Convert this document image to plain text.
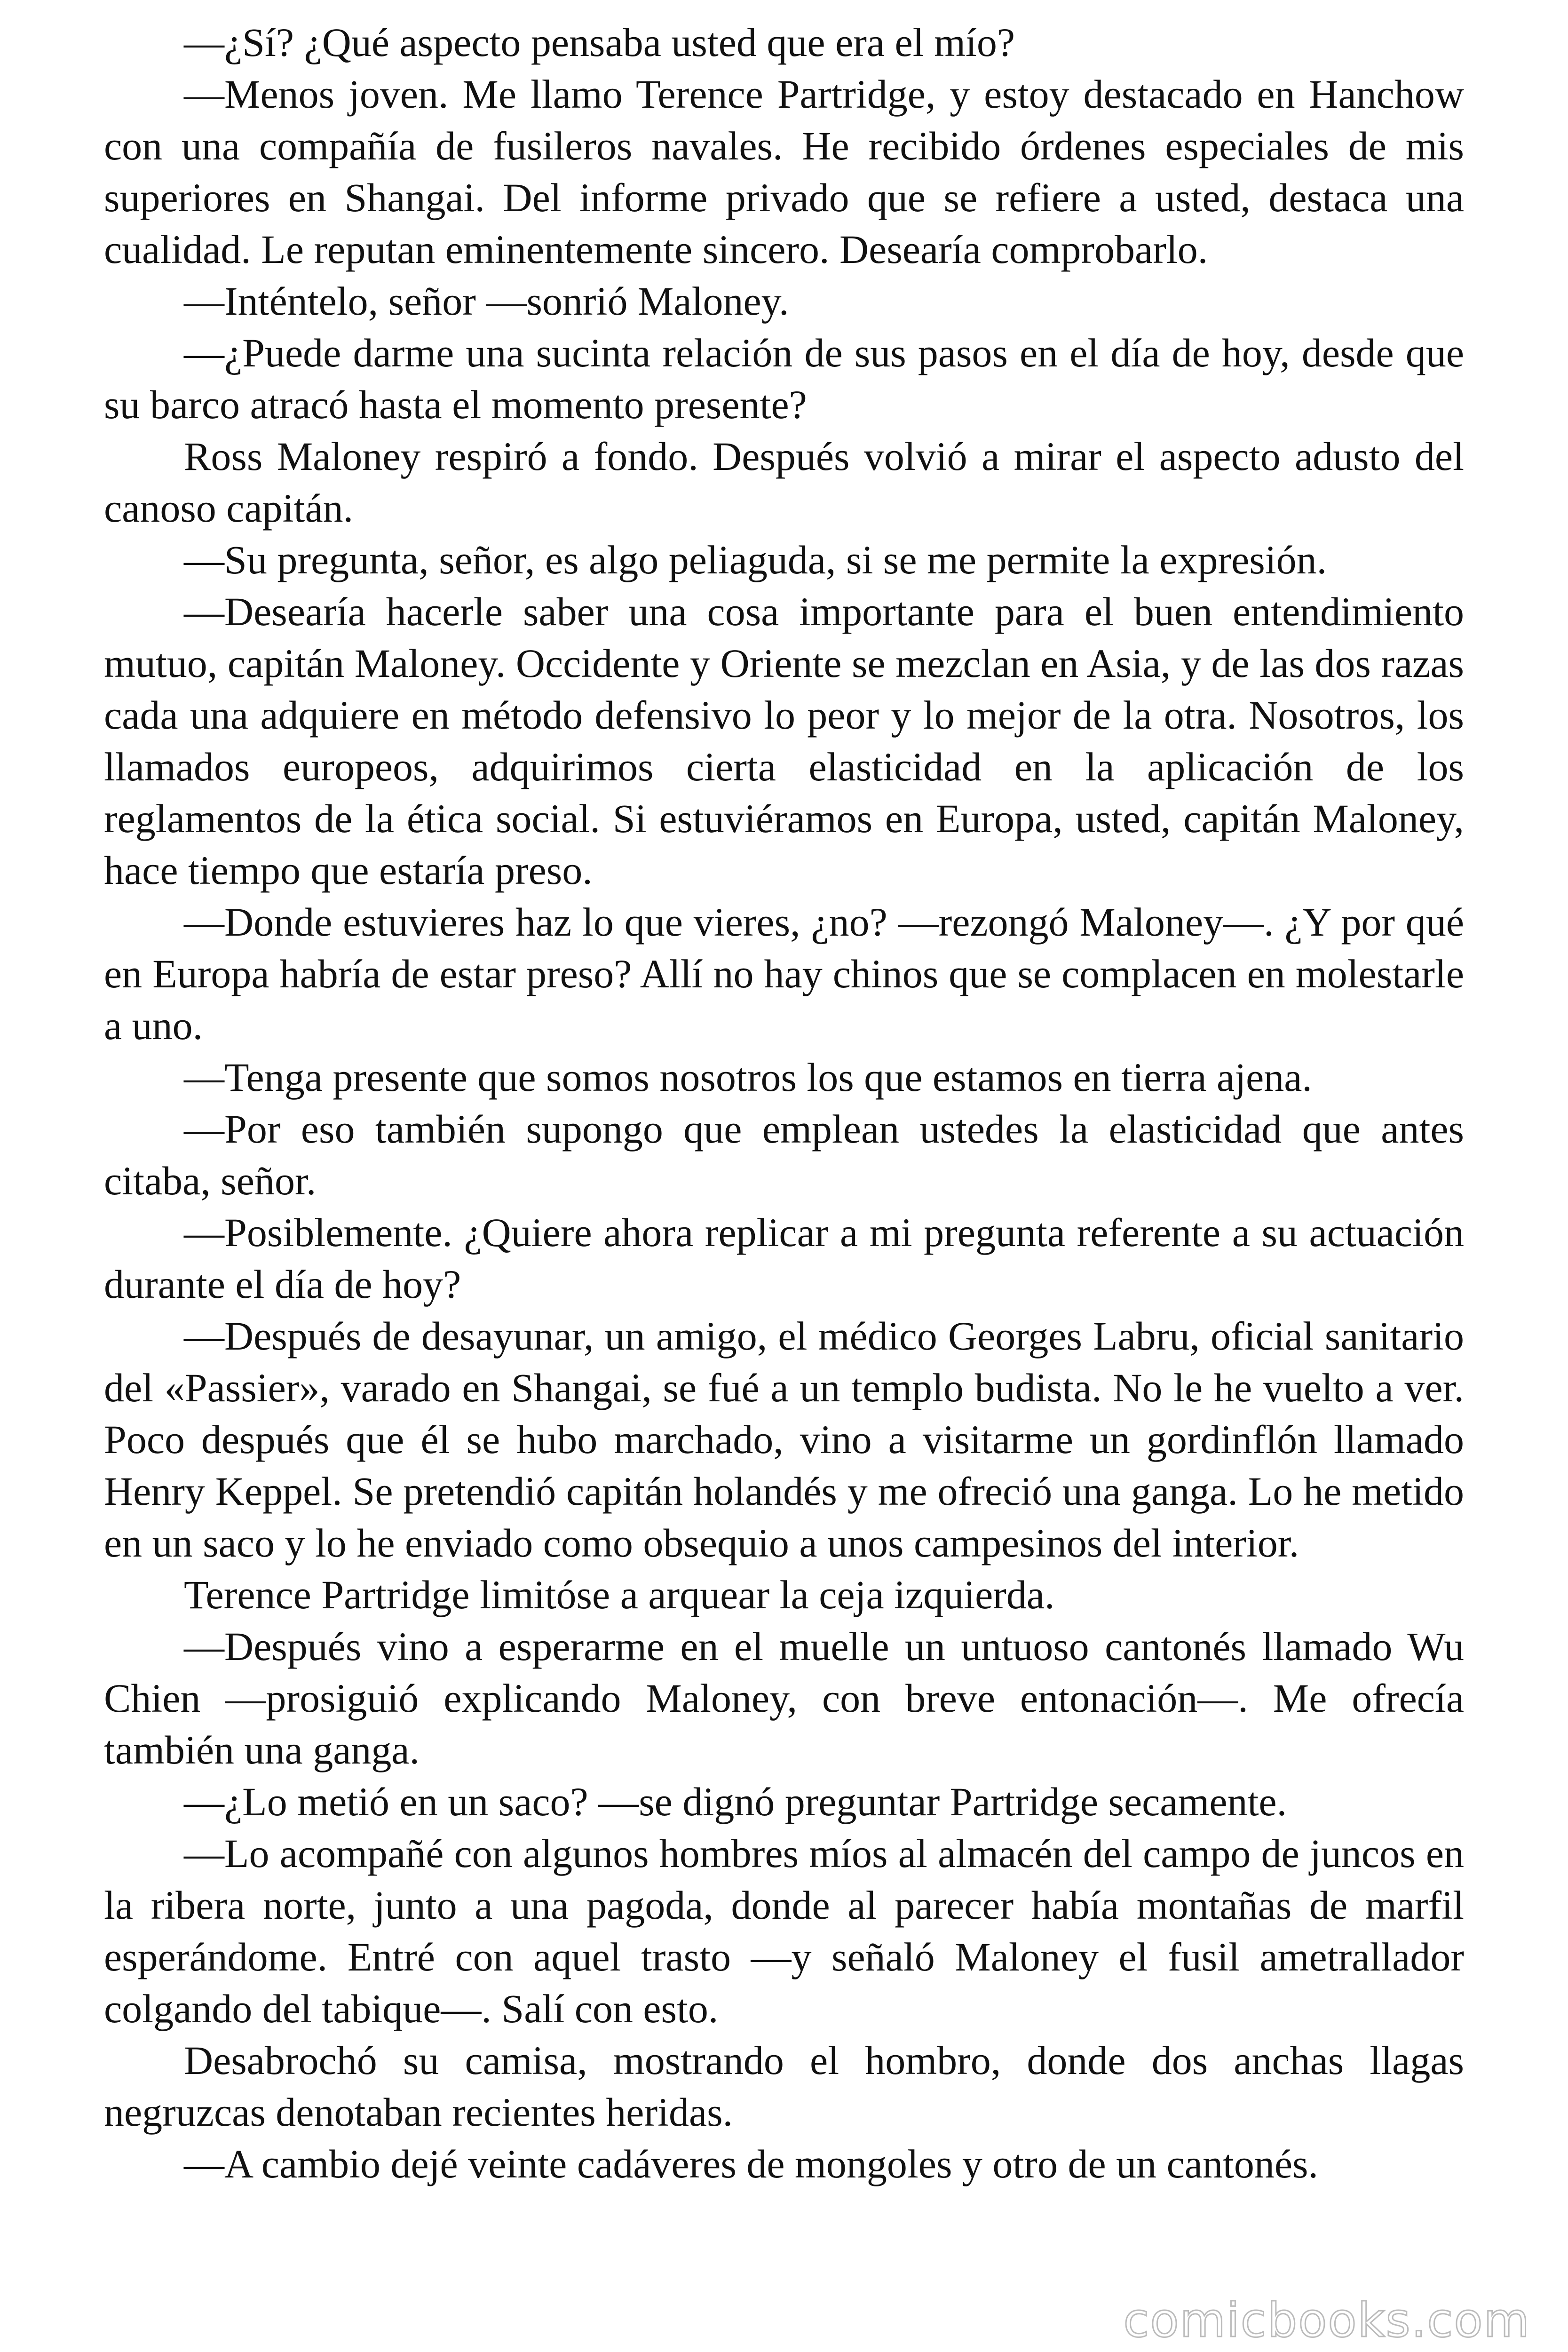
—¿Sí? ¿Qué aspecto pensaba usted que era el mío?

—Menos joven. Me llamo Terence Partridge, y estoy destacado en Hanchow con una compañía de fusileros navales. He recibido órdenes especiales de mis superiores en Shangai. Del informe privado que se refiere a usted, destaca una cualidad. Le reputan eminentemente sincero. Desearía comprobarlo.

—Inténtelo, señor —sonrió Maloney.

—¿Puede darme una sucinta relación de sus pasos en el día de hoy, desde que su barco atracó hasta el momento presente?

Ross Maloney respiró a fondo. Después volvió a mirar el aspecto adusto del canoso capitán.

—Su pregunta, señor, es algo peliaguda, si se me permite la expresión.

—Desearía hacerle saber una cosa importante para el buen entendimiento mutuo, capitán Maloney. Occidente y Oriente se mezclan en Asia, y de las dos razas cada una adquiere en método defensivo lo peor y lo mejor de la otra. Nosotros, los llamados europeos, adquirimos cierta elasticidad en la aplicación de los reglamentos de la ética social. Si estuviéramos en Europa, usted, capitán Maloney, hace tiempo que estaría preso.

—Donde estuvieres haz lo que vieres, ¿no? —rezongó Maloney—. ¿Y por qué en Europa habría de estar preso? Allí no hay chinos que se complacen en molestarle a uno.

—Tenga presente que somos nosotros los que estamos en tierra ajena.

—Por eso también supongo que emplean ustedes la elasticidad que antes citaba, señor.

—Posiblemente. ¿Quiere ahora replicar a mi pregunta referente a su actuación durante el día de hoy?

—Después de desayunar, un amigo, el médico Georges Labru, oficial sanitario del «Passier», varado en Shangai, se fué a un templo budista. No le he vuelto a ver. Poco después que él se hubo marchado, vino a visitarme un gordinflón llamado Henry Keppel. Se pretendió capitán holandés y me ofreció una ganga. Lo he metido en un saco y lo he enviado como obsequio a unos campesinos del interior.

Terence Partridge limitóse a arquear la ceja izquierda.

—Después vino a esperarme en el muelle un untuoso cantonés llamado Wu Chien —prosiguió explicando Maloney, con breve entonación—. Me ofrecía también una ganga.

—¿Lo metió en un saco? —se dignó preguntar Partridge secamente.

—Lo acompañé con algunos hombres míos al almacén del campo de juncos en la ribera norte, junto a una pagoda, donde al parecer había montañas de marfil esperándome. Entré con aquel trasto —y señaló Maloney el fusil ametrallador colgando del tabique—. Salí con esto.

Desabrochó su camisa, mostrando el hombro, donde dos anchas llagas negruzcas denotaban recientes heridas.

—A cambio dejé veinte cadáveres de mongoles y otro de un cantonés.

comicbooks.com
